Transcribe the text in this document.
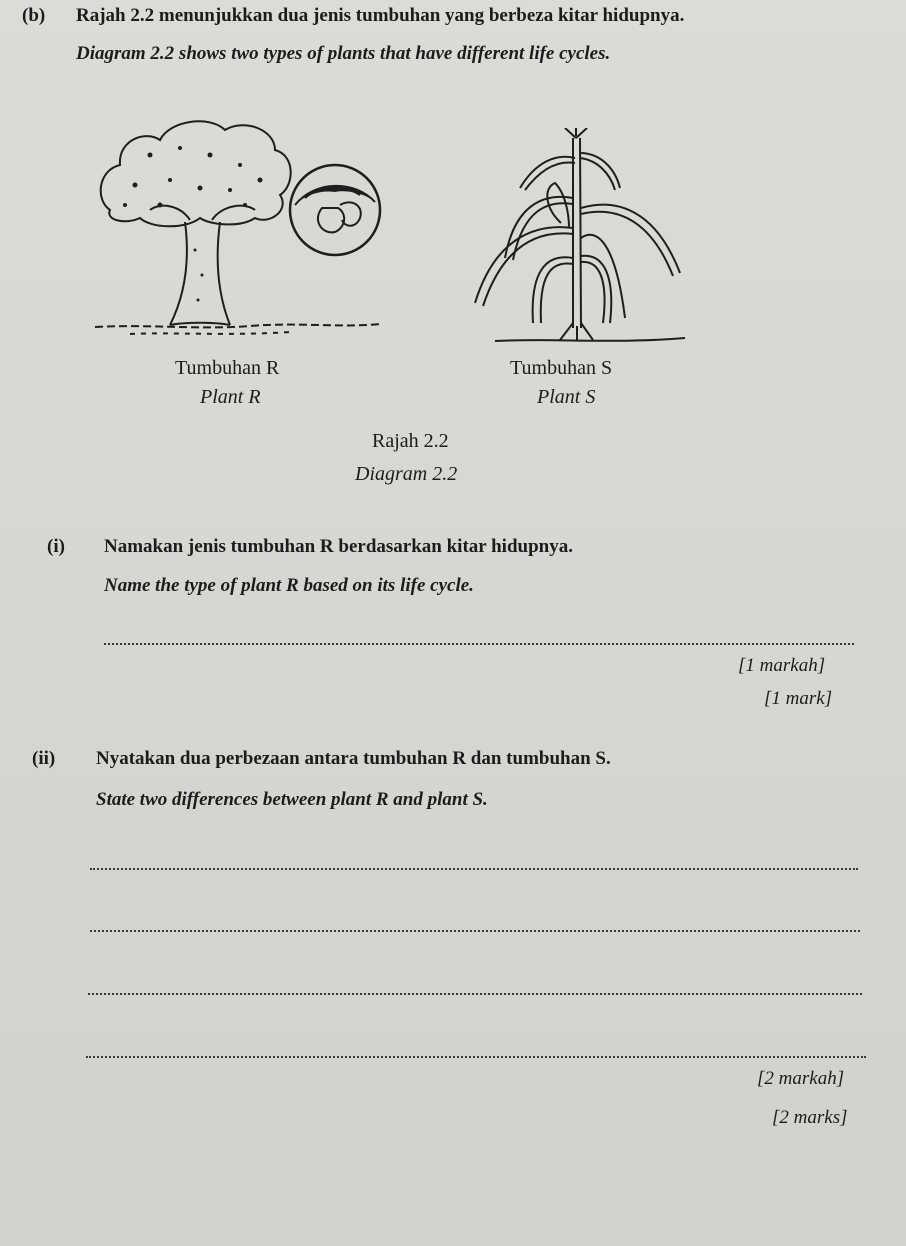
(b) Rajah 2.2 menunjukkan dua jenis tumbuhan yang berbeza kitar hidupnya.
Diagram 2.2 shows two types of plants that have different life cycles.
Tumbuhan R
Plant R
Tumbuhan S
Plant S
Rajah 2.2
Diagram 2.2
(i) Namakan jenis tumbuhan R berdasarkan kitar hidupnya.
Name the type of plant R based on its life cycle.
[1 markah]
[1 mark]
(ii) Nyatakan dua perbezaan antara tumbuhan R dan tumbuhan S.
State two differences between plant R and plant S.
[2 markah]
[2 marks]
